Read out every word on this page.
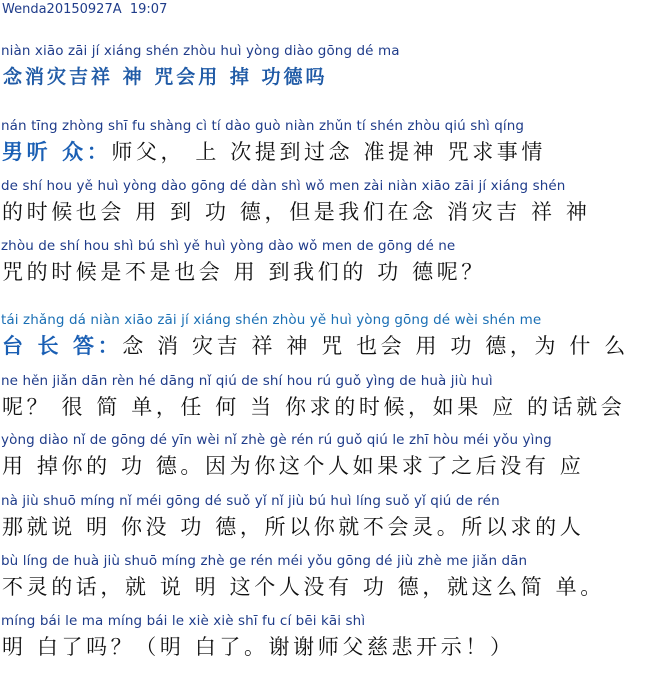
Wenda20150927A  19:07
niàn xiāo zāi jí xiáng shén zhòu huì yòng diào gōng dé ma
念消灾吉祥 神 咒会用 掉 功德吗
nán tīng zhòng shī fu shàng cì tí dào guò niàn zhǔn tí shén zhòu qiú shì qíng
男听 众：师父， 上 次提到过念 准提神 咒求事情
de shí hou yě huì yòng dào gōng dé dàn shì wǒ men zài niàn xiāo zāi jí xiáng shén
的时候也会 用 到 功 德，但是我们在念 消灾吉 祥 神
zhòu de shí hou shì bú shì yě huì yòng dào wǒ men de gōng dé ne
咒的时候是不是也会 用 到我们的 功 德呢？
tái zhǎng dá niàn xiāo zāi jí xiáng shén zhòu yě huì yòng gōng dé wèi shén me
台 长 答：念 消 灾吉 祥 神 咒 也会 用 功 德，为 什 么
ne hěn jiǎn dān rèn hé dāng nǐ qiú de shí hou rú guǒ yìng de huà jiù huì
呢？ 很 简 单，任 何 当 你求的时候，如果 应 的话就会
yòng diào nǐ de gōng dé yīn wèi nǐ zhè gè rén rú guǒ qiú le zhī hòu méi yǒu yìng
用 掉你的 功 德。因为你这个人如果求了之后没有 应
nà jiù shuō míng nǐ méi gōng dé suǒ yǐ nǐ jiù bú huì líng suǒ yǐ qiú de rén
那就说 明 你没 功 德，所以你就不会灵。所以求的人
bù líng de huà jiù shuō míng zhè ge rén méi yǒu gōng dé jiù zhè me jiǎn dān
不灵的话，就 说 明 这个人没有 功 德，就这么简 单。
míng bái le ma míng bái le xiè xiè shī fu cí bēi kāi shì
明 白了吗？（明 白了。谢谢师父慈悲开示！）
